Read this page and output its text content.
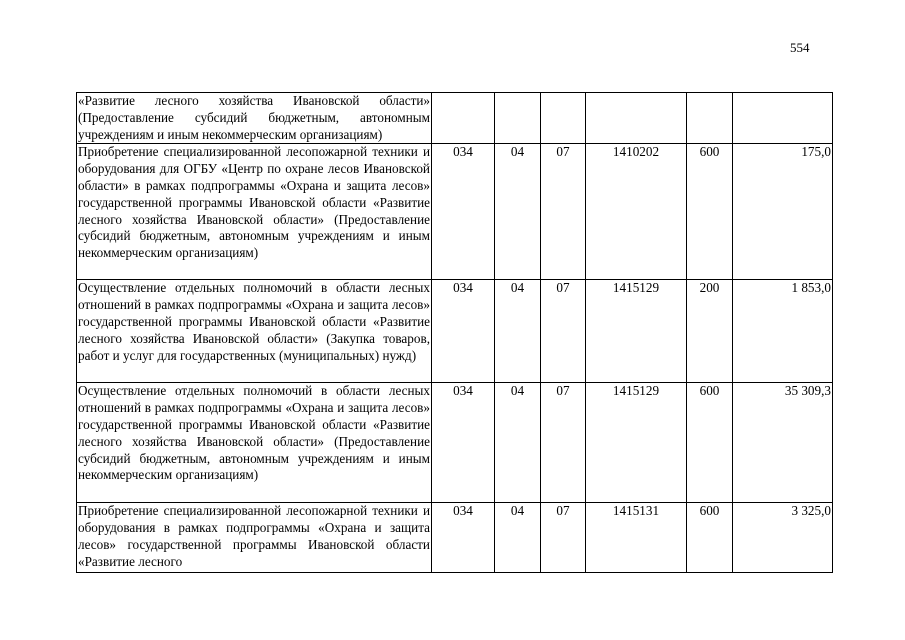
554
«Развитие лесного хозяйства Ивановской области» (Предоставление субсидий бюджетным, автономным учреждениям и иным некоммерческим организациям)						
Приобретение специализированной лесопожарной техники и оборудования для ОГБУ «Центр по охране лесов Ивановской области» в рамках подпрограммы «Охрана и защита лесов» государственной программы Ивановской области «Развитие лесного хозяйства Ивановской области» (Предоставление субсидий бюджетным, автономным учреждениям и иным некоммерческим организациям)	034	04	07	1410202	600	175,0
Осуществление отдельных полномочий в области лесных отношений в рамках подпрограммы «Охрана и защита лесов» государственной программы Ивановской области «Развитие лесного хозяйства Ивановской области» (Закупка товаров, работ и услуг для государственных (муниципальных) нужд)	034	04	07	1415129	200	1 853,0
Осуществление отдельных полномочий в области лесных отношений в рамках подпрограммы «Охрана и защита лесов» государственной программы Ивановской области «Развитие лесного хозяйства Ивановской области» (Предоставление субсидий бюджетным, автономным учреждениям и иным некоммерческим организациям)	034	04	07	1415129	600	35 309,3
Приобретение специализированной лесопожарной техники и оборудования в рамках подпрограммы «Охрана и защита лесов» государственной программы Ивановской области «Развитие лесного	034	04	07	1415131	600	3 325,0
